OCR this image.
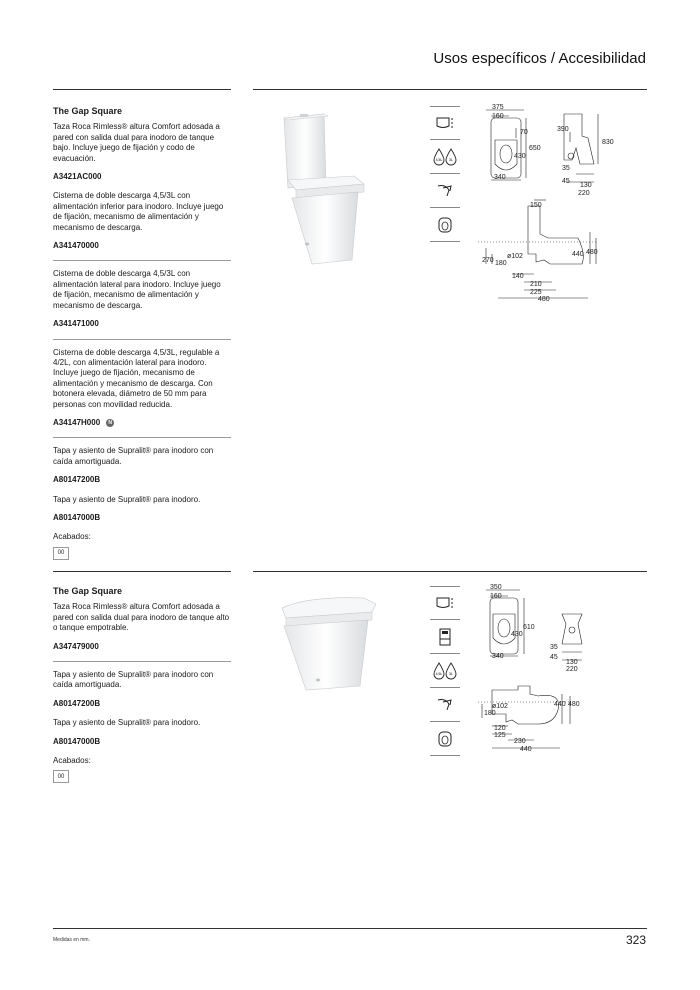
Usos específicos / Accesibilidad
The Gap Square
Taza Roca Rimless® altura Comfort adosada a pared con salida dual para inodoro de tanque bajo. Incluye juego de fijación y codo de evacuación.
A3421AC000
Cisterna de doble descarga 4,5/3L con alimentación inferior para inodoro. Incluye juego de fijación, mecanismo de alimentación y mecanismo de descarga.
A341470000
Cisterna de doble descarga 4,5/3L con alimentación lateral para inodoro. Incluye juego de fijación, mecanismo de alimentación y mecanismo de descarga.
A341471000
Cisterna de doble descarga 4,5/3L, regulable a 4/2L, con alimentación lateral para inodoro. Incluye juego de fijación, mecanismo de alimentación y mecanismo de descarga. Con botonera elevada, diámetro de 50 mm para personas con movilidad reducida.
A34147H000	N
Tapa y asiento de Supralit® para inodoro con caída amortiguada.
A80147200B
Tapa y asiento de Supralit® para inodoro.
A80147000B
Acabados:
00
4,5L 3L
375
160
70
650
430
340
390
830
35
45
130
220
150
440 480
270
ø102
180
140
210
225
480
The Gap Square
Taza Roca Rimless® altura Comfort adosada a pared con salida dual para inodoro de tanque alto o tanque empotrable.
A347479000
Tapa y asiento de Supralit® para inodoro con caída amortiguada.
A80147200B
Tapa y asiento de Supralit® para inodoro.
A80147000B
Acabados:
00
4,5L 3L
350
160
610
430
340
35
45
130
220
440 480
ø102
180
120
125
230
440
Medidas en mm.	323
